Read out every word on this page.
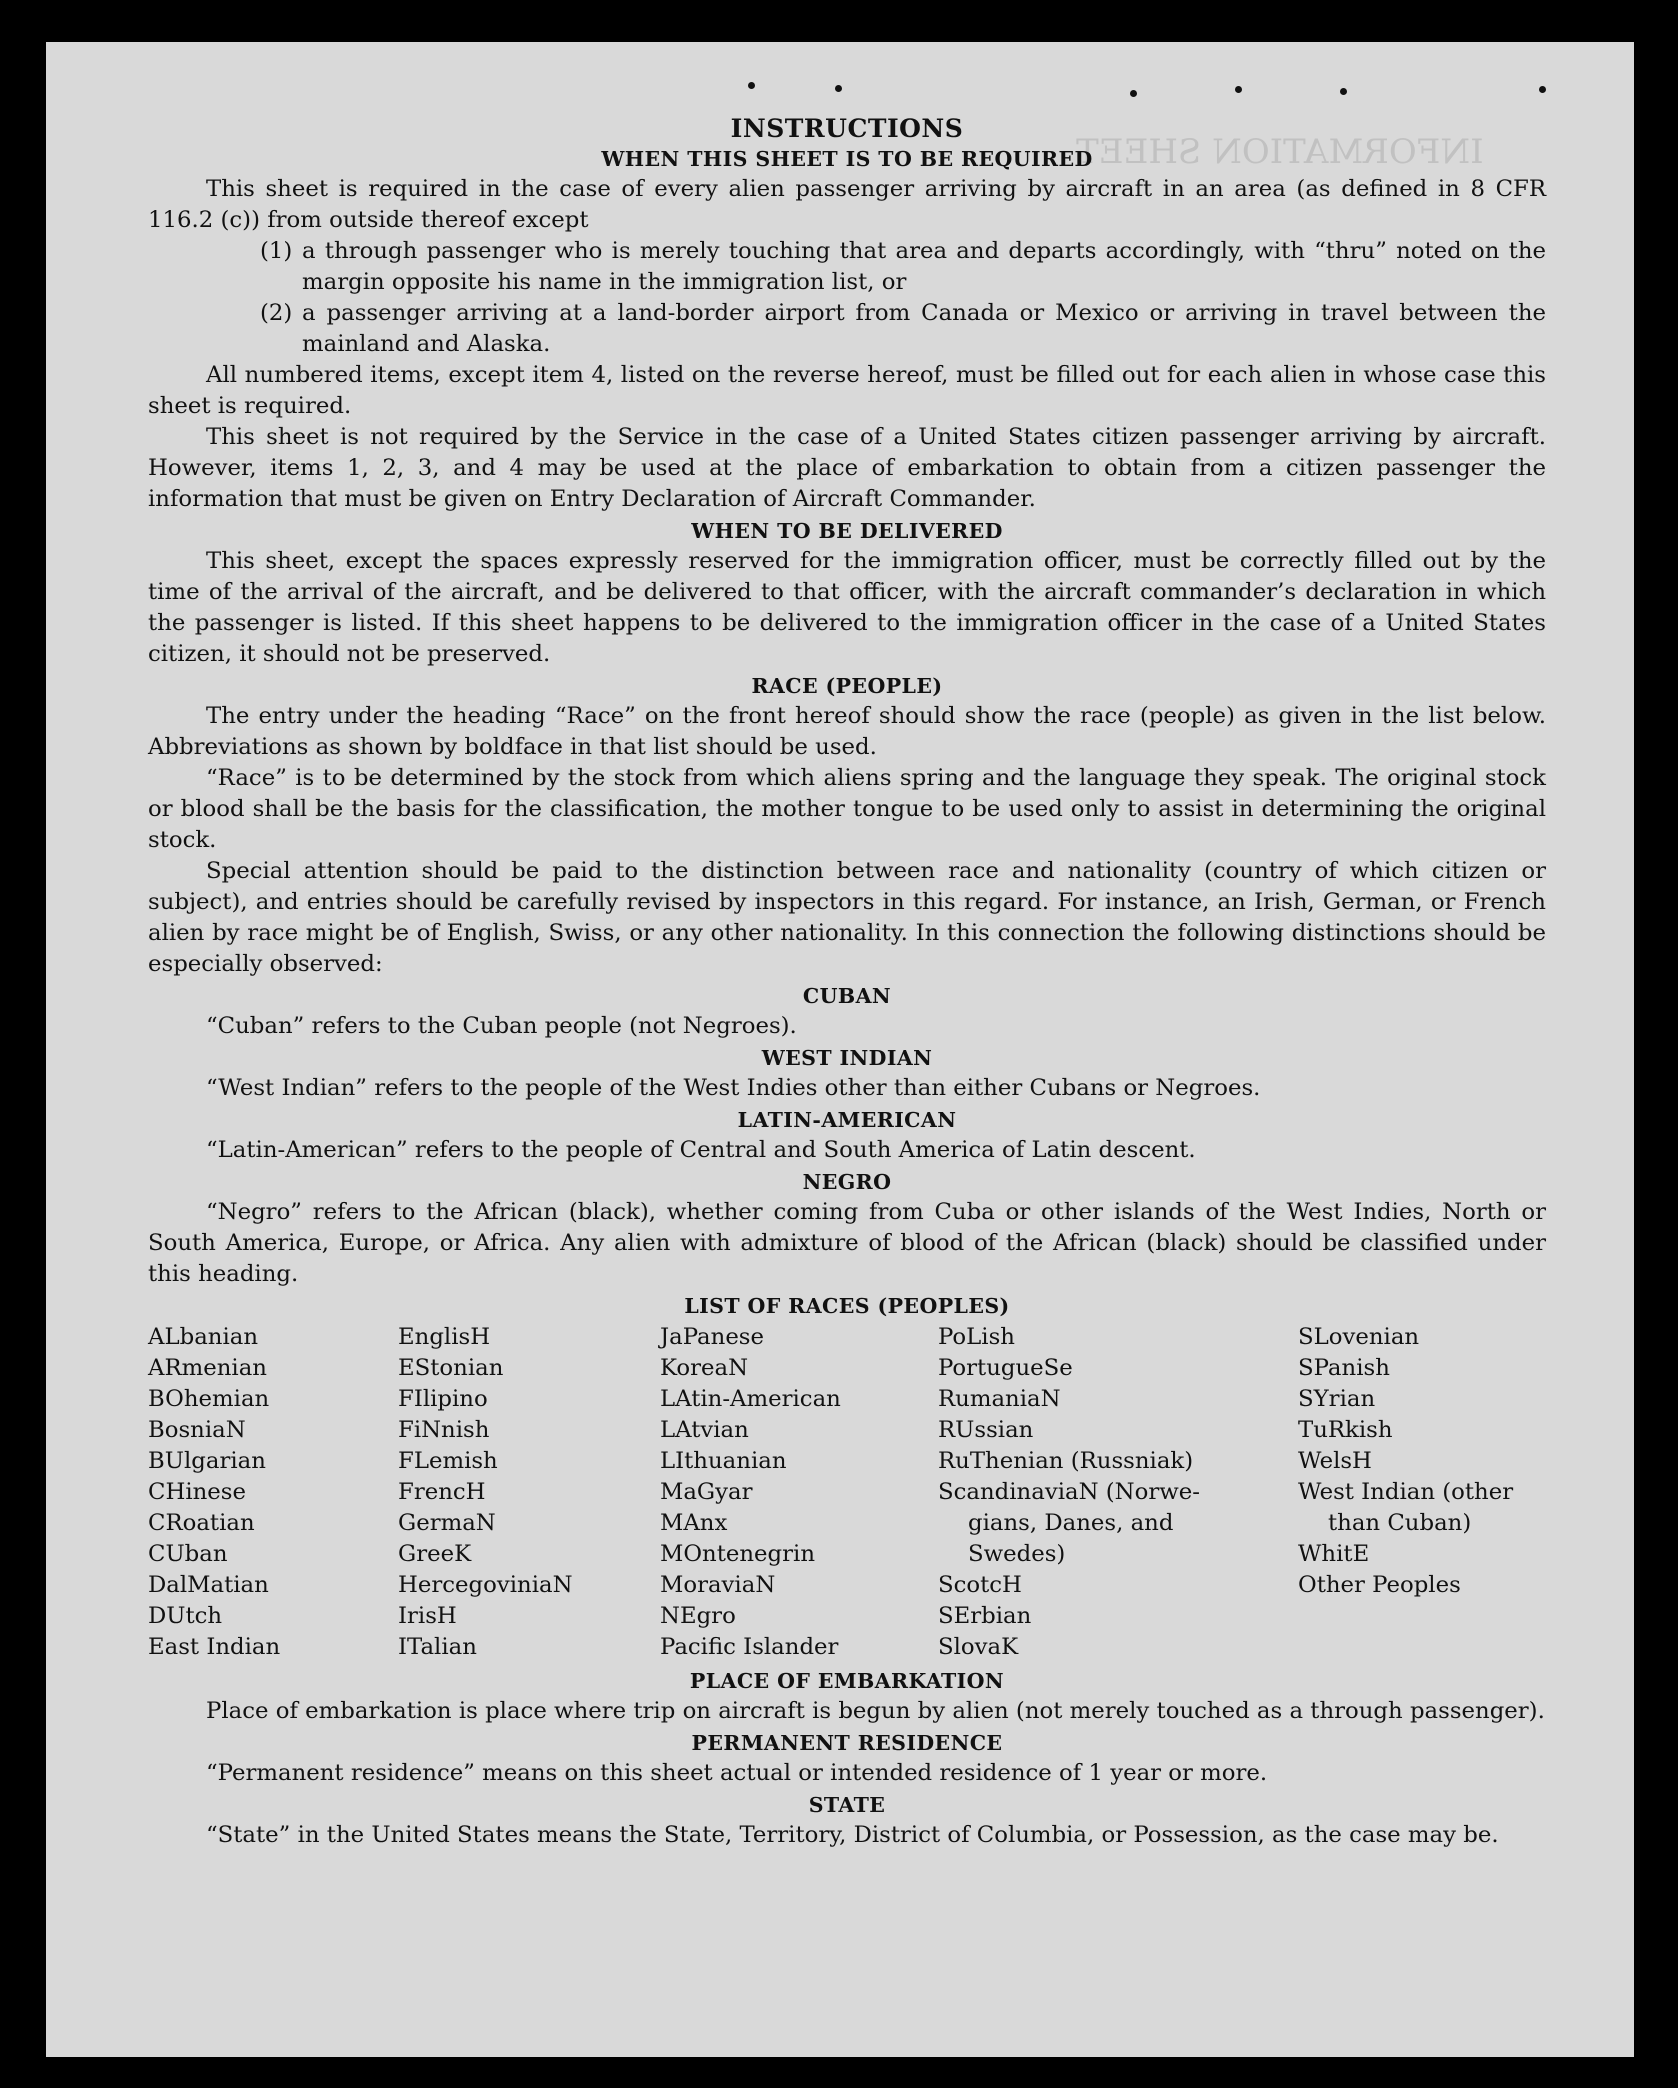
INFORMATION SHEET
INSTRUCTIONS
WHEN THIS SHEET IS TO BE REQUIRED

This sheet is required in the case of every alien passenger arriving by aircraft in an area (as defined in 8 CFR 116.2 (c)) from outside thereof except

(1) a through passenger who is merely touching that area and departs accordingly, with “thru” noted on the margin opposite his name in the immigration list, or
(2) a passenger arriving at a land-border airport from Canada or Mexico or arriving in travel between the mainland and Alaska.

All numbered items, except item 4, listed on the reverse hereof, must be filled out for each alien in whose case this sheet is required.

This sheet is not required by the Service in the case of a United States citizen passenger arriving by aircraft. However, items 1, 2, 3, and 4 may be used at the place of embarkation to obtain from a citizen passenger the information that must be given on Entry Declaration of Aircraft Commander.

WHEN TO BE DELIVERED

This sheet, except the spaces expressly reserved for the immigration officer, must be correctly filled out by the time of the arrival of the aircraft, and be delivered to that officer, with the aircraft commander’s declaration in which the passenger is listed. If this sheet happens to be delivered to the immigration officer in the case of a United States citizen, it should not be preserved.

RACE (PEOPLE)

The entry under the heading “Race” on the front hereof should show the race (people) as given in the list below. Abbreviations as shown by boldface in that list should be used.

“Race” is to be determined by the stock from which aliens spring and the language they speak. The original stock or blood shall be the basis for the classification, the mother tongue to be used only to assist in determining the original stock.

Special attention should be paid to the distinction between race and nationality (country of which citizen or subject), and entries should be carefully revised by inspectors in this regard. For instance, an Irish, German, or French alien by race might be of English, Swiss, or any other nationality. In this connection the following distinctions should be especially observed:

CUBAN

“Cuban” refers to the Cuban people (not Negroes).

WEST INDIAN

“West Indian” refers to the people of the West Indies other than either Cubans or Negroes.

LATIN-AMERICAN

“Latin-American” refers to the people of Central and South America of Latin descent.

NEGRO

“Negro” refers to the African (black), whether coming from Cuba or other islands of the West Indies, North or South America, Europe, or Africa. Any alien with admixture of blood of the African (black) should be classified under this heading.

LIST OF RACES (PEOPLES)
ALbanian
ARmenian
BOhemian
BosniaN
BUlgarian
CHinese
CRoatian
CUban
DalMatian
DUtch
East Indian
EnglisH
EStonian
FIlipino
FiNnish
FLemish
FrencH
GermaN
GreeK
HercegoviniaN
IrisH
ITalian
JaPanese
KoreaN
LAtin-American
LAtvian
LIthuanian
MaGyar
MAnx
MOntenegrin
MoraviaN
NEgro
Pacific Islander
PoLish
PortugueSe
RumaniaN
RUssian
RuThenian (Russniak)
ScandinaviaN (Norwe-
gians, Danes, and
Swedes)
ScotcH
SErbian
SlovaK
SLovenian
SPanish
SYrian
TuRkish
WelsH
West Indian (other
than Cuban)
WhitE
Other Peoples
PLACE OF EMBARKATION

Place of embarkation is place where trip on aircraft is begun by alien (not merely touched as a through passenger).

PERMANENT RESIDENCE

“Permanent residence” means on this sheet actual or intended residence of 1 year or more.

STATE

“State” in the United States means the State, Territory, District of Columbia, or Possession, as the case may be.
